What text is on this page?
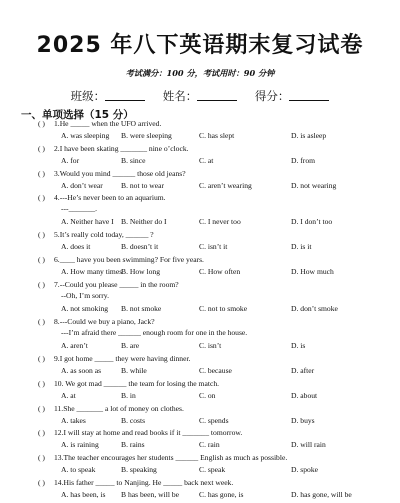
2025 年八下英语期末复习试卷
考试满分：100 分，考试用时：90 分钟
班级：	姓名：	得分：
一、单项选择（15 分）
( ) 1.He _____ when the UFO arrived.
A. was sleeping B. were sleeping	C. has slept	D. is asleep
( ) 2.I have been skating _______ nine o’clock.
A. for	B. since	C. at	D. from
( ) 3.Would you mind ______ those old jeans?
A. don’t wear B. not to wear	C. aren’t wearing	D. not wearing
( ) 4.---He’s never been to an aquarium.
---_______.
A. Neither have I B. Neither do I	C. I never too	D. I don’t too
( ) 5.It’s really cold today, ______ ?
A. does it	B. doesn’t it	C. isn’t it	D. is it
( ) 6.____ have you been swimming? For five years.
A. How many times
B. How long	C. How often	D. How much
( ) 7.--Could you please _____ in the room?
--Oh, I’m sorry.
A. not smoking B. not smoke	C. not to smoke	D. don’t smoke
( ) 8.---Could we buy a piano, Jack?
---I’m afraid there ______ enough room for one in the house.
A. aren’t	B. are	C. isn’t	D. is
( ) 9.I got home _____ they were having dinner.
A. as soon as	B. while	C. because	D. after
( ) 10. We got mad ______ the team for losing the match.
A. at	B. in	C. on	D. about
( ) 11.She _______ a lot of money on clothes.
A. takes	B. costs	C. spends	D. buys
( ) 12.I will stay at home and read books if it _______ tomorrow.
A. is raining	B. rains	C. rain	D. will rain
( ) 13.The teacher encourages her students ______ English as much as possible.
A. to speak	B. speaking	C. speak	D. spoke
( ) 14.His father _____ to Nanjing. He _____ back next week.
A. has been, is B has been, will be	C. has gone, is	D. has gone, will be
